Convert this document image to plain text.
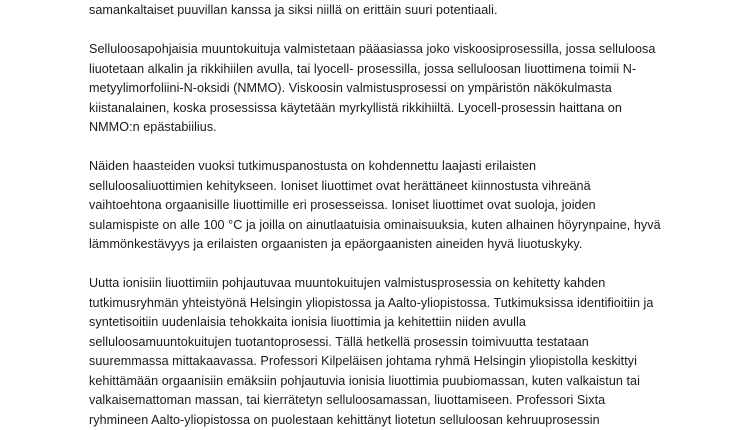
samankaltaiset puuvillan kanssa ja siksi niillä on erittäin suuri potentiaali.
Selluloosapohjaisia muuntokuituja valmistetaan pääasiassa joko viskoosiprosessilla, jossa selluloosa
liuotetaan alkalin ja rikkihiilen avulla, tai lyocell- prosessilla, jossa selluloosan liuottimena toimii N-
metyylimorfoliini-N-oksidi (NMMO). Viskoosin valmistusprosessi on ympäristön näkökulmasta
kiistanalainen, koska prosessissa käytetään myrkyllistä rikkihiiltä. Lyocell-prosessin haittana on
NMMO:n epästabiilius.
Näiden haasteiden vuoksi tutkimuspanostusta on kohdennettu laajasti erilaisten
selluloosaliuottimien kehitykseen. Ioniset liuottimet ovat herättäneet kiinnostusta vihreänä
vaihtoehtona orgaanisille liuottimille eri prosesseissa. Ioniset liuottimet ovat suoloja, joiden
sulamispiste on alle 100 °C ja joilla on ainutlaatuisia ominaisuuksia, kuten alhainen höyrynpaine, hyvä
lämmönkestävyys ja erilaisten orgaanisten ja epäorgaanisten aineiden hyvä liuotuskyky.
Uutta ionisiin liuottimiin pohjautuvaa muuntokuitujen valmistusprosessia on kehitetty kahden
tutkimusryhmän yhteistyönä Helsingin yliopistossa ja Aalto-yliopistossa. Tutkimuksissa identifioitiin ja
syntetisoitiin uudenlaisia tehokkaita ionisia liuottimia ja kehitettiin niiden avulla
selluloosamuuntokuitujen tuotantoprosessi. Tällä hetkellä prosessin toimivuutta testataan
suuremmassa mittakaavassa. Professori Kilpeläisen johtama ryhmä Helsingin yliopistolla keskittyi
kehittämään orgaanisiin emäksiin pohjautuvia ionisia liuottimia puubiomassan, kuten valkaistun tai
valkaisemattoman massan, tai kierrätetyn selluloosamassan, liuottamiseen. Professori Sixta
ryhmineen Aalto-yliopistossa on puolestaan kehittänyt liotetun selluloosan kehruuprosessin
